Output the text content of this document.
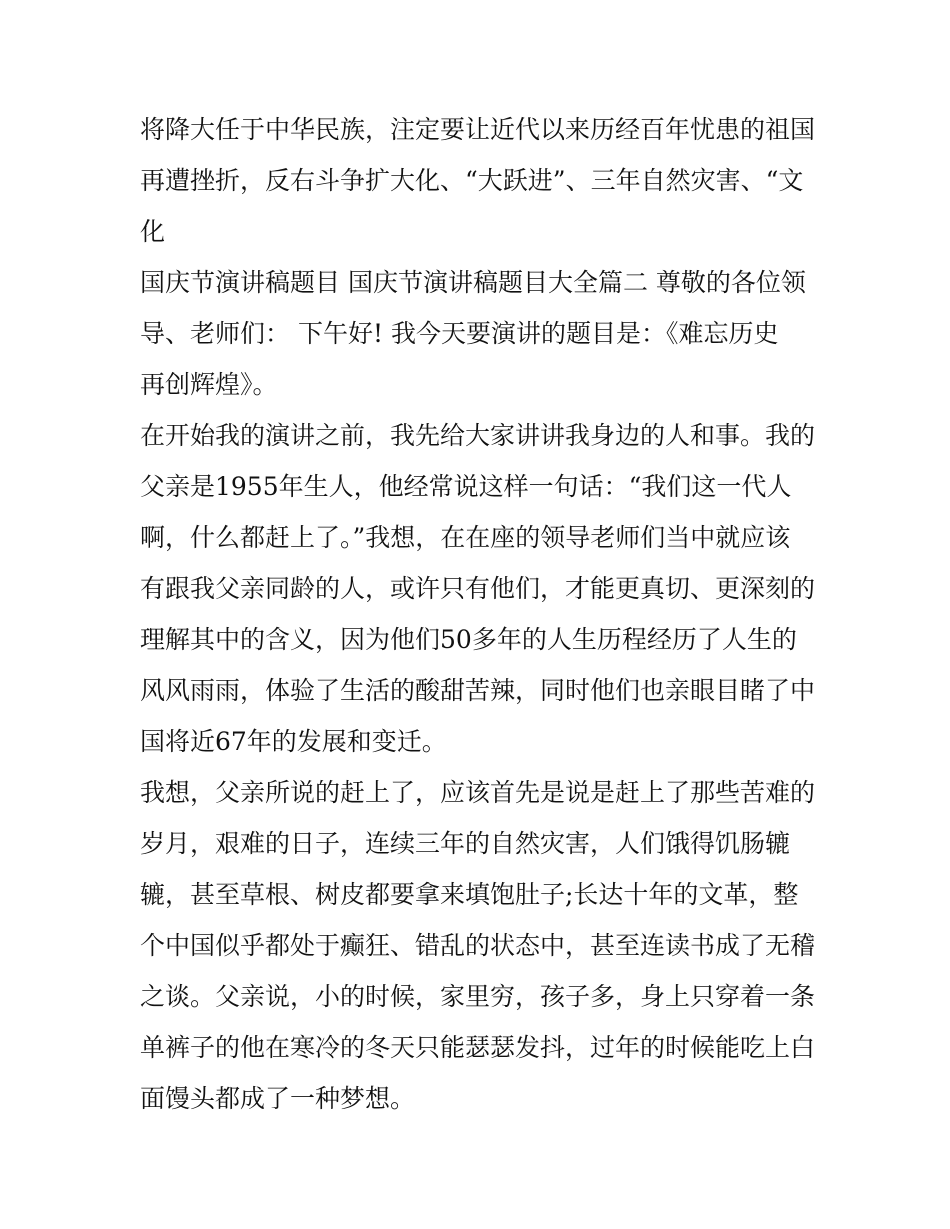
将降大任于中华民族，注定要让近代以来历经百年忧患的祖国
再遭挫折，反右斗争扩大化、“大跃进”、三年自然灾害、“文
化
国庆节演讲稿题目 国庆节演讲稿题目大全篇二 尊敬的各位领
导、老师们： 下午好! 我今天要演讲的题目是：《难忘历史
再创辉煌》。
在开始我的演讲之前，我先给大家讲讲我身边的人和事。我的
父亲是1955年生人，他经常说这样一句话：“我们这一代人
啊，什么都赶上了。”我想，在在座的领导老师们当中就应该
有跟我父亲同龄的人，或许只有他们，才能更真切、更深刻的
理解其中的含义，因为他们50多年的人生历程经历了人生的
风风雨雨，体验了生活的酸甜苦辣，同时他们也亲眼目睹了中
国将近67年的发展和变迁。
我想，父亲所说的赶上了，应该首先是说是赶上了那些苦难的
岁月，艰难的日子，连续三年的自然灾害，人们饿得饥肠辘
辘，甚至草根、树皮都要拿来填饱肚子;长达十年的文革，整
个中国似乎都处于癫狂、错乱的状态中，甚至连读书成了无稽
之谈。父亲说，小的时候，家里穷，孩子多，身上只穿着一条
单裤子的他在寒冷的冬天只能瑟瑟发抖，过年的时候能吃上白
面馒头都成了一种梦想。
